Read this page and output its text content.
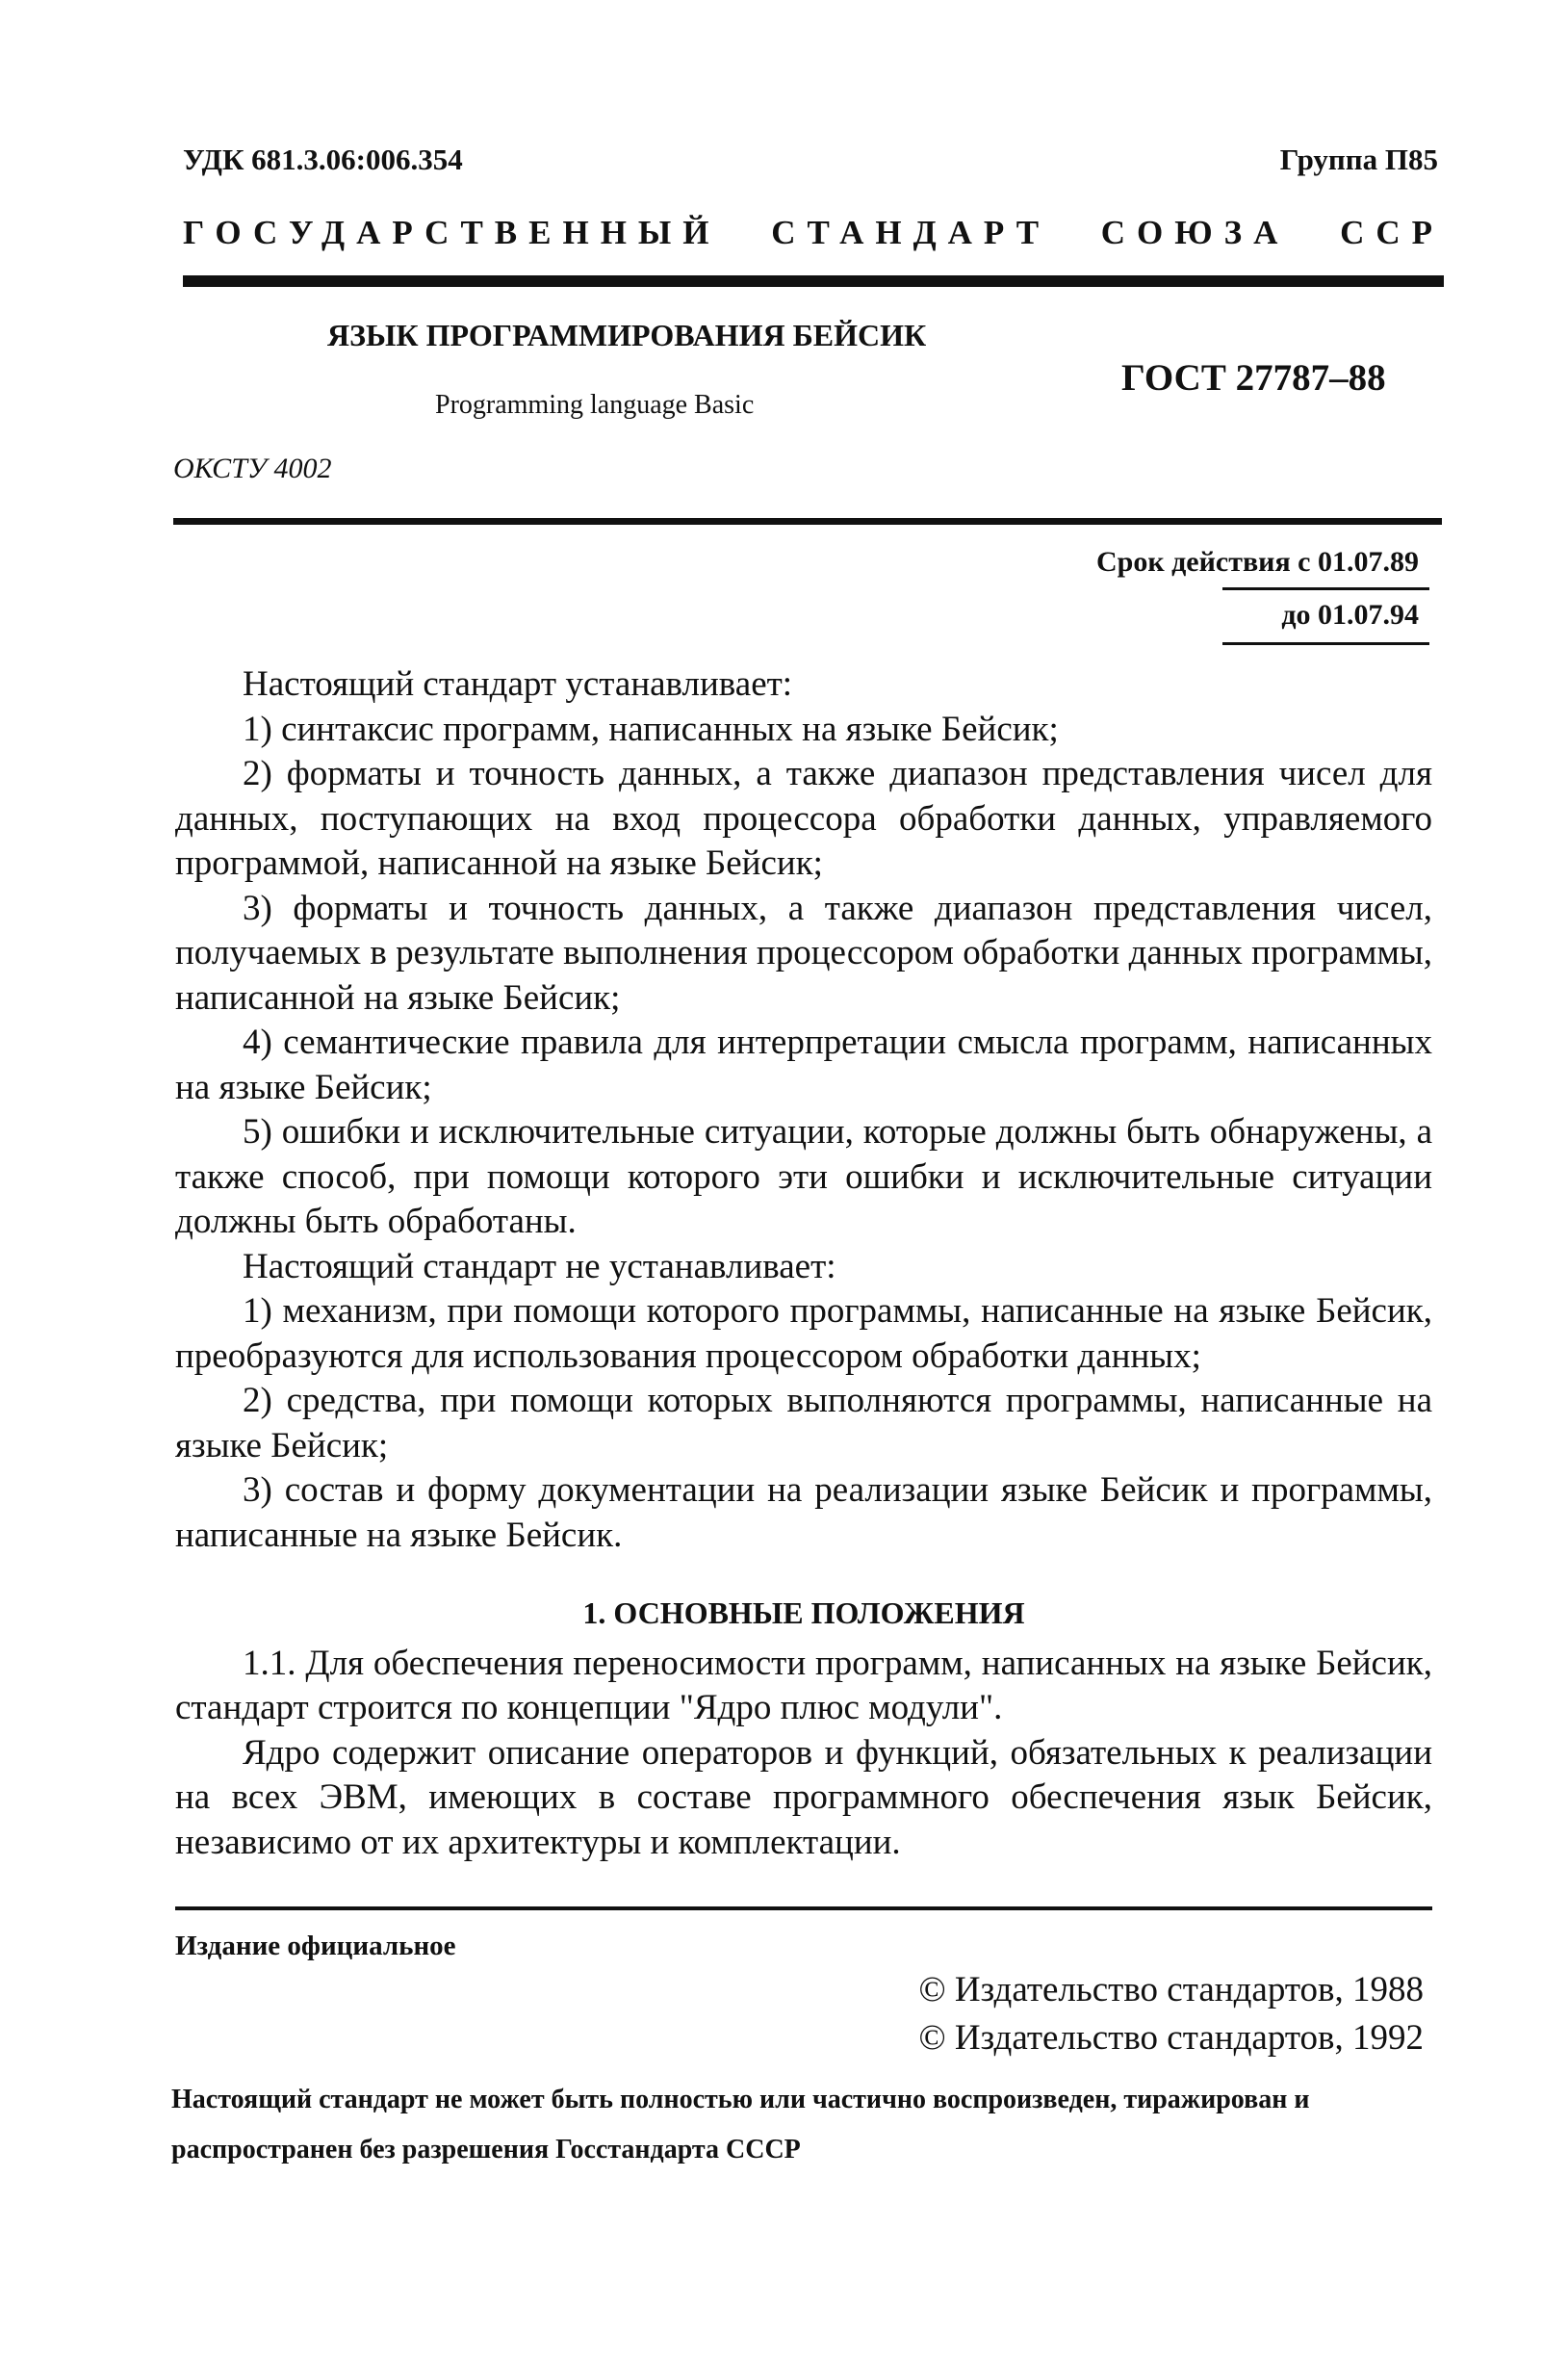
УДК 681.3.06:006.354	Группа П85
ГОСУДАРСТВЕННЫЙ СТАНДАРТ СОЮЗА ССР
ЯЗЫК ПРОГРАММИРОВАНИЯ БЕЙСИК
ГОСТ 27787–88
Programming language Basic
ОКСТУ 4002
Срок действия с 01.07.89
до 01.07.94

Настоящий стандарт устанавливает:

1) синтаксис программ, написанных на языке Бейсик;

2) форматы и точность данных, а также диапазон представления чисел для данных, поступающих на вход процессора обработки данных, управляемого программой, написанной на языке Бейсик;

3) форматы и точность данных, а также диапазон представления чисел, получаемых в результате выполнения процессором обработки данных программы, написанной на языке Бейсик;

4) семантические правила для интерпретации смысла программ, написанных на языке Бейсик;

5) ошибки и исключительные ситуации, которые должны быть обнаружены, а также способ, при помощи которого эти ошибки и исключительные ситуации должны быть обработаны.

Настоящий стандарт не устанавливает:

1) механизм, при помощи которого программы, написанные на языке Бейсик, преобразуются для использования процессором обработки данных;

2) средства, при помощи которых выполняются программы, написанные на языке Бейсик;

3) состав и форму документации на реализации языке Бейсик и программы, написанные на языке Бейсик.

1. ОСНОВНЫЕ ПОЛОЖЕНИЯ

1.1. Для обеспечения переносимости программ, написанных на языке Бейсик, стандарт строится по концепции "Ядро плюс модули".

Ядро содержит описание операторов и функций, обязательных к реализации на всех ЭВМ, имеющих в составе программного обеспечения язык Бейсик, независимо от их архитектуры и комплектации.

Издание официальное
© Издательство стандартов, 1988
© Издательство стандартов, 1992
Настоящий стандарт не может быть полностью или частично воспроизведен, тиражирован и распространен без разрешения Госстандарта СССР
